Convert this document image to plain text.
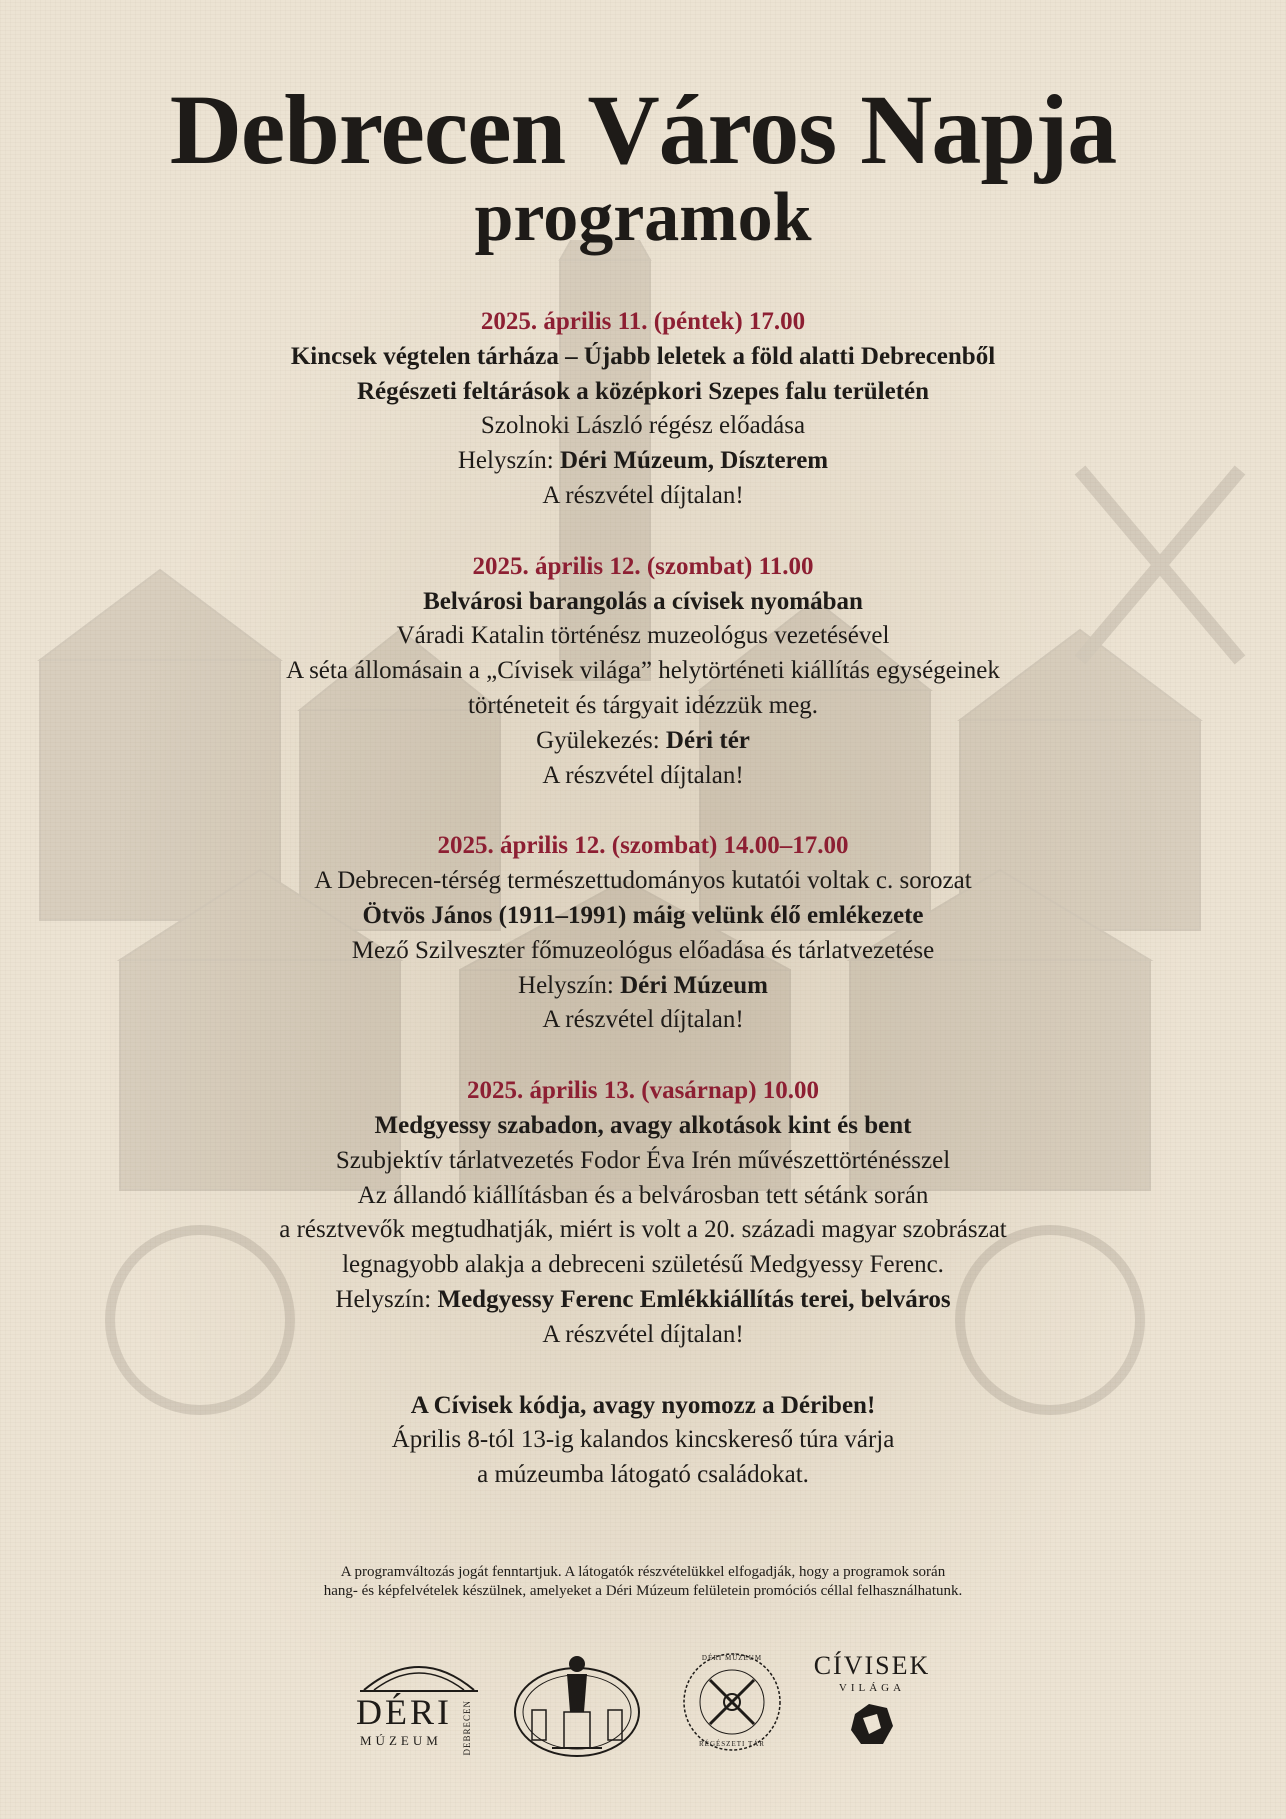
Debrecen Város Napja
programok

2025. április 11. (péntek) 17.00

Kincsek végtelen tárháza – Újabb leletek a föld alatti Debrecenből

Régészeti feltárások a középkori Szepes falu területén

Szolnoki László régész előadása

Helyszín: Déri Múzeum, Díszterem

A részvétel díjtalan!

2025. április 12. (szombat) 11.00

Belvárosi barangolás a cívisek nyomában

Váradi Katalin történész muzeológus vezetésével

A séta állomásain a „Cívisek világa” helytörténeti kiállítás egységeinek

történeteit és tárgyait idézzük meg.

Gyülekezés: Déri tér

A részvétel díjtalan!

2025. április 12. (szombat) 14.00–17.00

A Debrecen-térség természettudományos kutatói voltak c. sorozat

Ötvös János (1911–1991) máig velünk élő emlékezete

Mező Szilveszter főmuzeológus előadása és tárlatvezetése

Helyszín: Déri Múzeum

A részvétel díjtalan!

2025. április 13. (vasárnap) 10.00

Medgyessy szabadon, avagy alkotások kint és bent

Szubjektív tárlatvezetés Fodor Éva Irén művészettörténésszel

Az állandó kiállításban és a belvárosban tett sétánk során

a résztvevők megtudhatják, miért is volt a 20. századi magyar szobrászat

legnagyobb alakja a debreceni születésű Medgyessy Ferenc.

Helyszín: Medgyessy Ferenc Emlékkiállítás terei, belváros

A részvétel díjtalan!

A Cívisek kódja, avagy nyomozz a Dériben!

Április 8-tól 13-ig kalandos kincskereső túra várja

a múzeumba látogató családokat.

A programváltozás jogát fenntartjuk. A látogatók részvételükkel elfogadják, hogy a programok során
hang- és képfelvételek készülnek, amelyeket a Déri Múzeum felületein promóciós céllal felhasználhatunk.
DÉRI
MÚZEUM DEBRECEN
DÉRI MÚZEUM
RÉGÉSZETI TÁR
CÍVISEK
VILÁGA
